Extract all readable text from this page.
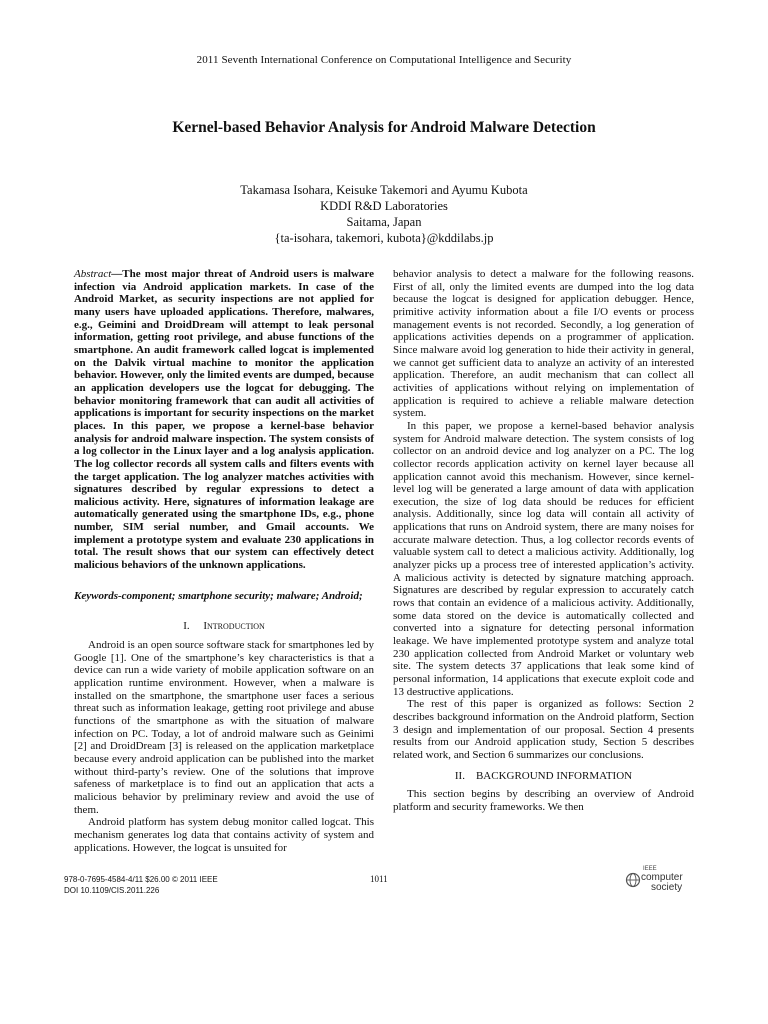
2011 Seventh International Conference on Computational Intelligence and Security
Kernel-based Behavior Analysis for Android Malware Detection
Takamasa Isohara, Keisuke Takemori and Ayumu Kubota
KDDI R&D Laboratories
Saitama, Japan
{ta-isohara, takemori, kubota}@kddilabs.jp

Abstract—The most major threat of Android users is malware infection via Android application markets. In case of the Android Market, as security inspections are not applied for many users have uploaded applications. Therefore, malwares, e.g., Geimini and DroidDream will attempt to leak personal information, getting root privilege, and abuse functions of the smartphone. An audit framework called logcat is implemented on the Dalvik virtual machine to monitor the application behavior. However, only the limited events are dumped, because an application developers use the logcat for debugging. The behavior monitoring framework that can audit all activities of applications is important for security inspections on the market places. In this paper, we propose a kernel-base behavior analysis for android malware inspection. The system consists of a log collector in the Linux layer and a log analysis application. The log collector records all system calls and filters events with the target application. The log analyzer matches activities with signatures described by regular expressions to detect a malicious activity. Here, signatures of information leakage are automatically generated using the smartphone IDs, e.g., phone number, SIM serial number, and Gmail accounts. We implement a prototype system and evaluate 230 applications in total. The result shows that our system can effectively detect malicious behaviors of the unknown applications.

Keywords-component; smartphone security; malware; Android;

I. Introduction

Android is an open source software stack for smartphones led by Google [1]. One of the smartphone’s key characteristics is that a device can run a wide variety of mobile application software on an application runtime environment. However, when a malware is installed on the smartphone, the smartphone user faces a serious threat such as information leakage, getting root privilege and abuse functions of the smartphone as with the situation of malware infection on PC. Today, a lot of android malware such as Geinimi [2] and DroidDream [3] is released on the application marketplace because every android application can be published into the market without third-party’s review. One of the solutions that improve safeness of marketplace is to find out an application that acts a malicious behavior by preliminary review and avoid the use of them.

Android platform has system debug monitor called logcat. This mechanism generates log data that contains activity of system and applications. However, the logcat is unsuited for

behavior analysis to detect a malware for the following reasons. First of all, only the limited events are dumped into the log data because the logcat is designed for application debugger. Hence, primitive activity information about a file I/O events or process management events is not recorded. Secondly, a log generation of applications activities depends on a programmer of application. Since malware avoid log generation to hide their activity in general, we cannot get sufficient data to analyze an activity of an interested application. Therefore, an audit mechanism that can collect all activities of applications without relying on implementation of application is required to achieve a reliable malware detection system.

In this paper, we propose a kernel-based behavior analysis system for Android malware detection. The system consists of log collector on an android device and log analyzer on a PC. The log collector records application activity on kernel layer because all application cannot avoid this mechanism. However, since kernel-level log will be generated a large amount of data with application execution, the size of log data should be reduces for efficient analysis. Additionally, since log data will contain all activity of applications that runs on Android system, there are many noises for accurate malware detection. Thus, a log collector records events of valuable system call to detect a malicious activity. Additionally, log analyzer picks up a process tree of interested application’s activity. A malicious activity is detected by signature matching approach. Signatures are described by regular expression to accurately catch rows that contain an evidence of a malicious activity. Additionally, some data stored on the device is automatically collected and converted into a signature for detecting personal information leakage. We have implemented prototype system and analyze total 230 application collected from Android Market or voluntary web site. The system detects 37 applications that leak some kind of personal information, 14 applications that execute exploit code and 13 destructive applications.

The rest of this paper is organized as follows: Section 2 describes background information on the Android platform, Section 3 design and implementation of our proposal. Section 4 presents results from our Android application study, Section 5 describes related work, and Section 6 summarizes our conclusions.

II. BACKGROUND INFORMATION

This section begins by describing an overview of Android platform and security frameworks. We then

978-0-7695-4584-4/11 $26.00 © 2011 IEEE
DOI 10.1109/CIS.2011.226
1011
IEEE
computer
society
